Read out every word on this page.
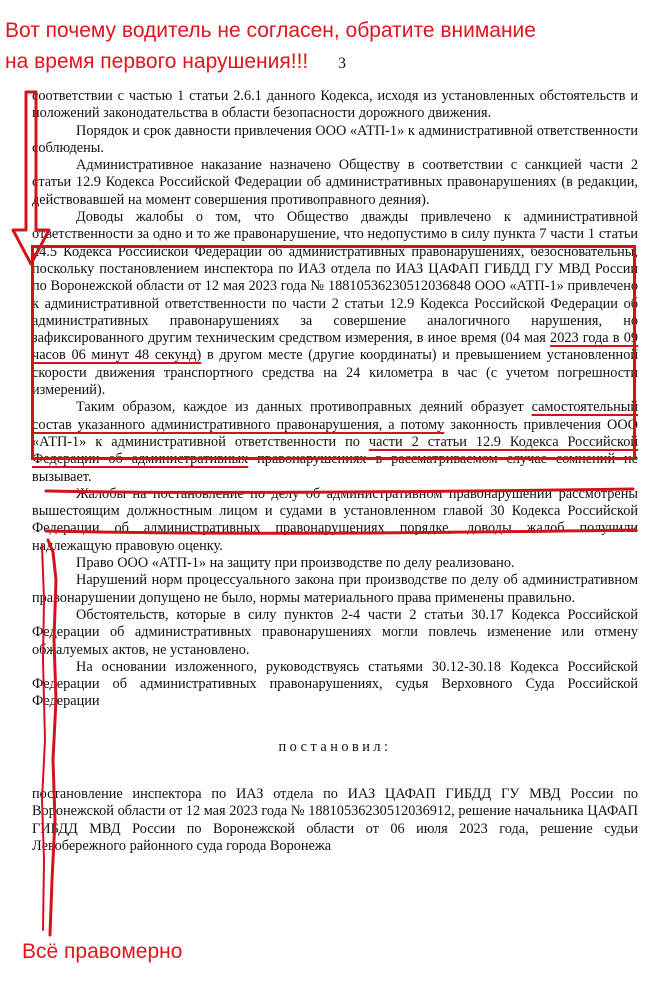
Вот почему водитель не согласен, обратите внимание
на время первого нарушения!!! 3

соответствии с частью 1 статьи 2.6.1 данного Кодекса, исходя из установленных обстоятельств и положений законодательства в области безопасности дорожного движения.

Порядок и срок давности привлечения ООО «АТП-1» к административной ответственности соблюдены.

Административное наказание назначено Обществу в соответствии с санкцией части 2 статьи 12.9 Кодекса Российской Федерации об административных правонарушениях (в редакции, действовавшей на момент совершения противоправного деяния).

Доводы жалобы о том, что Общество дважды привлечено к административной ответственности за одно и то же правонарушение, что недопустимо в силу пункта 7 части 1 статьи 24.5 Кодекса Российской Федерации об административных правонарушениях, безосновательны, поскольку постановлением инспектора по ИАЗ отдела по ИАЗ ЦАФАП ГИБДД ГУ МВД России по Воронежской области от 12 мая 2023 года № 18810536230512036848 ООО «АТП-1» привлечено к административной ответственности по части 2 статьи 12.9 Кодекса Российской Федерации об административных правонарушениях за совершение аналогичного нарушения, но зафиксированного другим техническим средством измерения, в иное время (04 мая 2023 года в 09 часов 06 минут 48 секунд) в другом месте (другие координаты) и превышением установленной скорости движения транспортного средства на 24 километра в час (с учетом погрешности измерений).

Таким образом, каждое из данных противоправных деяний образует самостоятельный состав указанного административного правонарушения, а потому законность привлечения ООО «АТП-1» к административной ответственности по части 2 статьи 12.9 Кодекса Российской Федерации об административных правонарушениях в рассматриваемом случае сомнений не вызывает.

Жалобы на постановление по делу об административном правонарушении рассмотрены вышестоящим должностным лицом и судами в установленном главой 30 Кодекса Российской Федерации об административных правонарушениях порядке, доводы жалоб получили надлежащую правовую оценку.

Право ООО «АТП-1» на защиту при производстве по делу реализовано.

Нарушений норм процессуального закона при производстве по делу об административном правонарушении допущено не было, нормы материального права применены правильно.

Обстоятельств, которые в силу пунктов 2-4 части 2 статьи 30.17 Кодекса Российской Федерации об административных правонарушениях могли повлечь изменение или отмену обжалуемых актов, не установлено.

На основании изложенного, руководствуясь статьями 30.12-30.18 Кодекса Российской Федерации об административных правонарушениях, судья Верховного Суда Российской Федерации

постановил:

постановление инспектора по ИАЗ отдела по ИАЗ ЦАФАП ГИБДД ГУ МВД России по Воронежской области от 12 мая 2023 года № 18810536230512036912, решение начальника ЦАФАП ГИБДД МВД России по Воронежской области от 06 июля 2023 года, решение судьи Левобережного районного суда города Воронежа

Всё правомерно
